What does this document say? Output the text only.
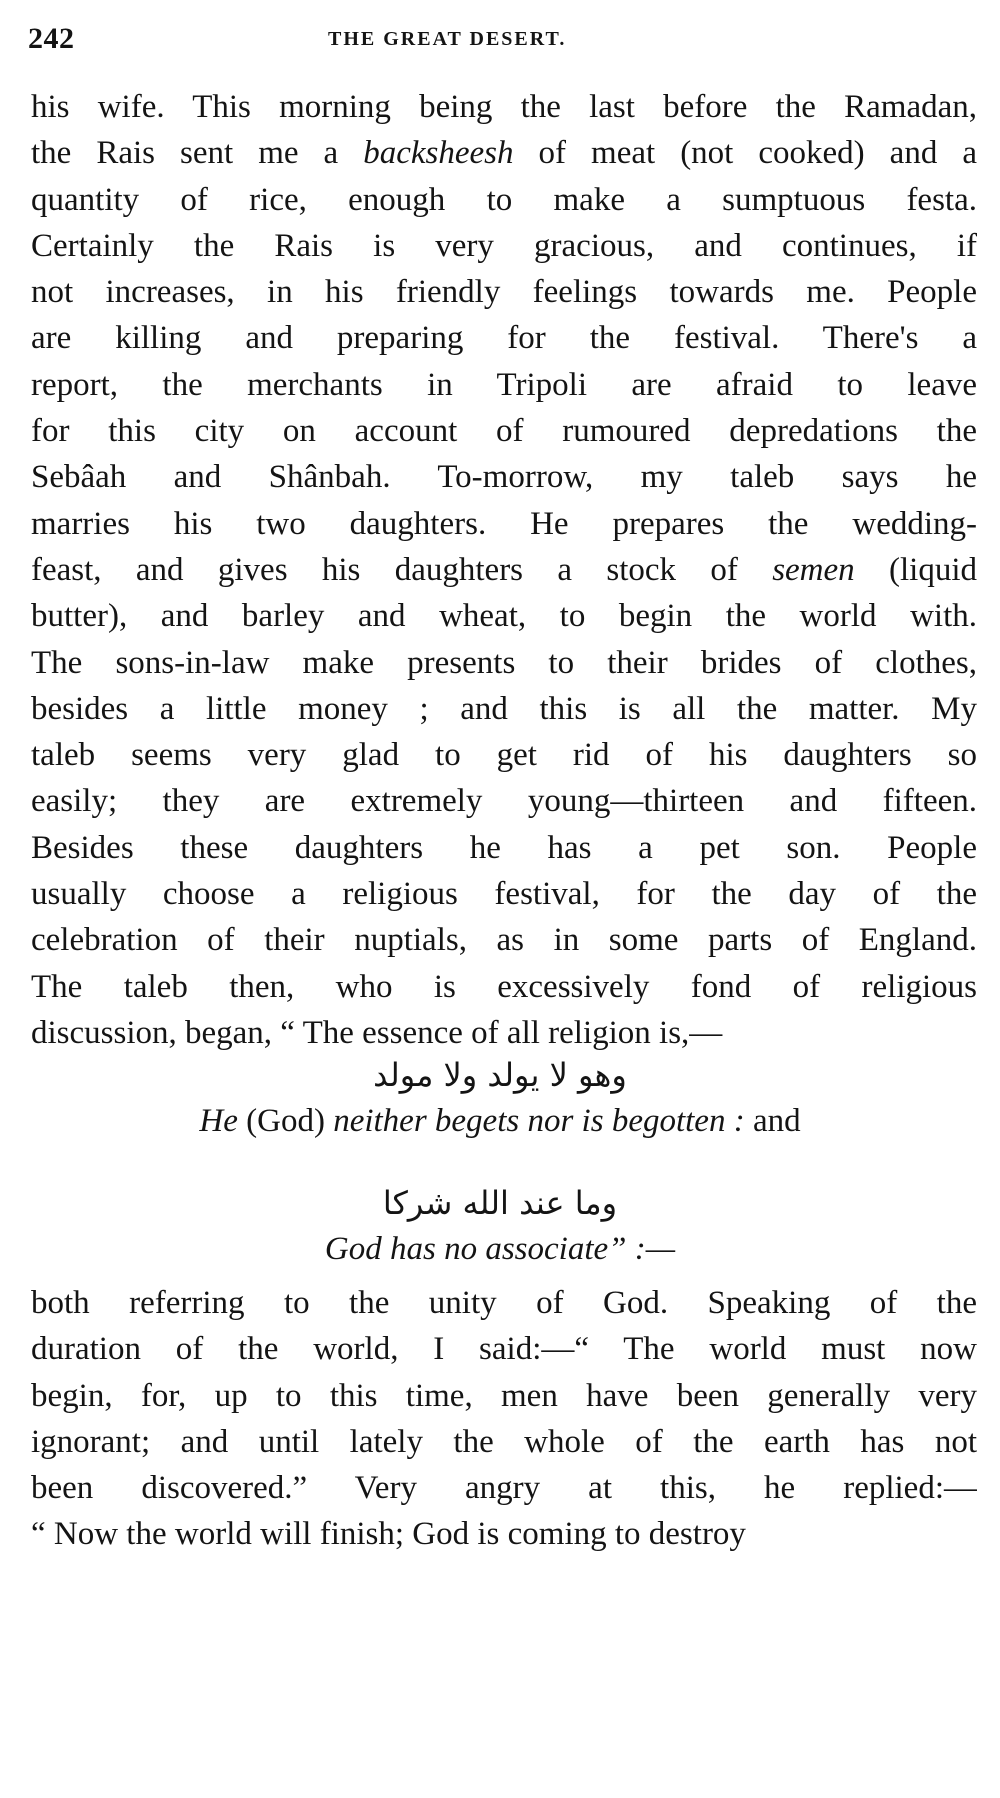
242	THE GREAT DESERT.
his wife. This morning being the last before the Ramadan,
the Rais sent me a backsheesh of meat (not cooked) and a
quantity of rice, enough to make a sumptuous festa.
Certainly the Rais is very gracious, and continues, if
not increases, in his friendly feelings towards me. People
are killing and preparing for the festival. There's a
report, the merchants in Tripoli are afraid to leave
for this city on account of rumoured depredations the
Sebâah and Shânbah. To-morrow, my taleb says he
marries his two daughters. He prepares the wedding-
feast, and gives his daughters a stock of semen (liquid
butter), and barley and wheat, to begin the world with.
The sons-in-law make presents to their brides of clothes,
besides a little money ; and this is all the matter. My
taleb seems very glad to get rid of his daughters so
easily; they are extremely young—thirteen and fifteen.
Besides these daughters he has a pet son. People
usually choose a religious festival, for the day of the
celebration of their nuptials, as in some parts of England.
The taleb then, who is excessively fond of religious
discussion, began, “ The essence of all religion is,—
وهو لا يولد ولا مولد
He (God) neither begets nor is begotten : and
وما عند الله شركا
God has no associate” :—
both referring to the unity of God. Speaking of the
duration of the world, I said:—“ The world must now
begin, for, up to this time, men have been generally very
ignorant; and until lately the whole of the earth has not
been discovered.” Very angry at this, he replied:—
“ Now the world will finish; God is coming to destroy
